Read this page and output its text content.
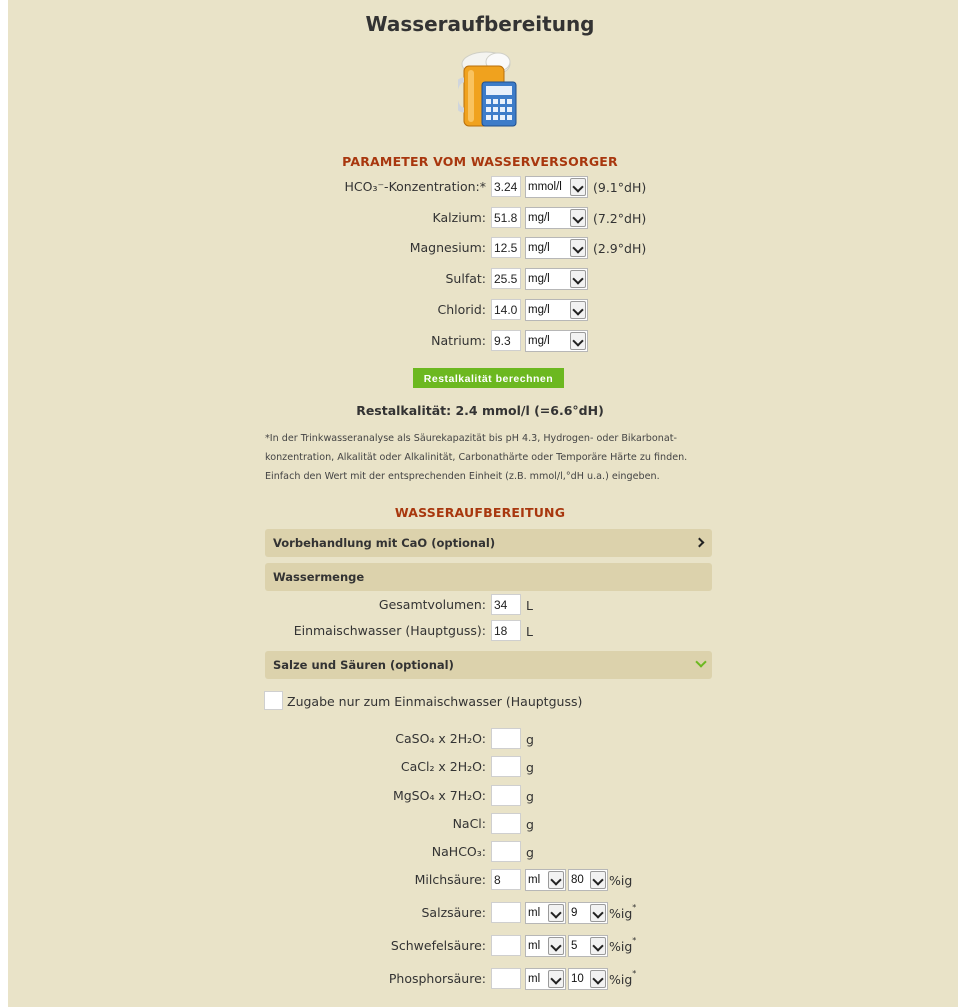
Wasseraufbereitung
PARAMETER VOM WASSERVERSORGER
HCO₃⁻-Konzentration:*
3.24	mmol/l	(9.1°dH)
Kalzium:
51.8	mg/l	(7.2°dH)
Magnesium:
12.5	mg/l	(2.9°dH)
Sulfat:
25.5	mg/l
Chlorid:
14.0	mg/l
Natrium:
9.3	mg/l
Restalkalität berechnen
Restalkalität: 2.4 mmol/l (=6.6°dH)
*In der Trinkwasseranalyse als Säurekapazität bis pH 4.3, Hydrogen- oder Bikarbonat-
konzentration, Alkalität oder Alkalinität, Carbonathärte oder Temporäre Härte zu finden.
Einfach den Wert mit der entsprechenden Einheit (z.B. mmol/l,°dH u.a.) eingeben.
WASSERAUFBEREITUNG
Vorbehandlung mit CaO (optional)
Wassermenge
Gesamtvolumen:
34	L
Einmaischwasser (Hauptguss):
18	L
Salze und Säuren (optional)
Zugabe nur zum Einmaischwasser (Hauptguss)
CaSO₄ x 2H₂O:	g
CaCl₂ x 2H₂O:	g
MgSO₄ x 7H₂O:	g
NaCl:	g
NaHCO₃:	g
Milchsäure:
8	ml	80	%ig
Salzsäure:	ml	9	%ig*
Schwefelsäure:	ml	5	%ig*
Phosphorsäure:	ml	10	%ig*
